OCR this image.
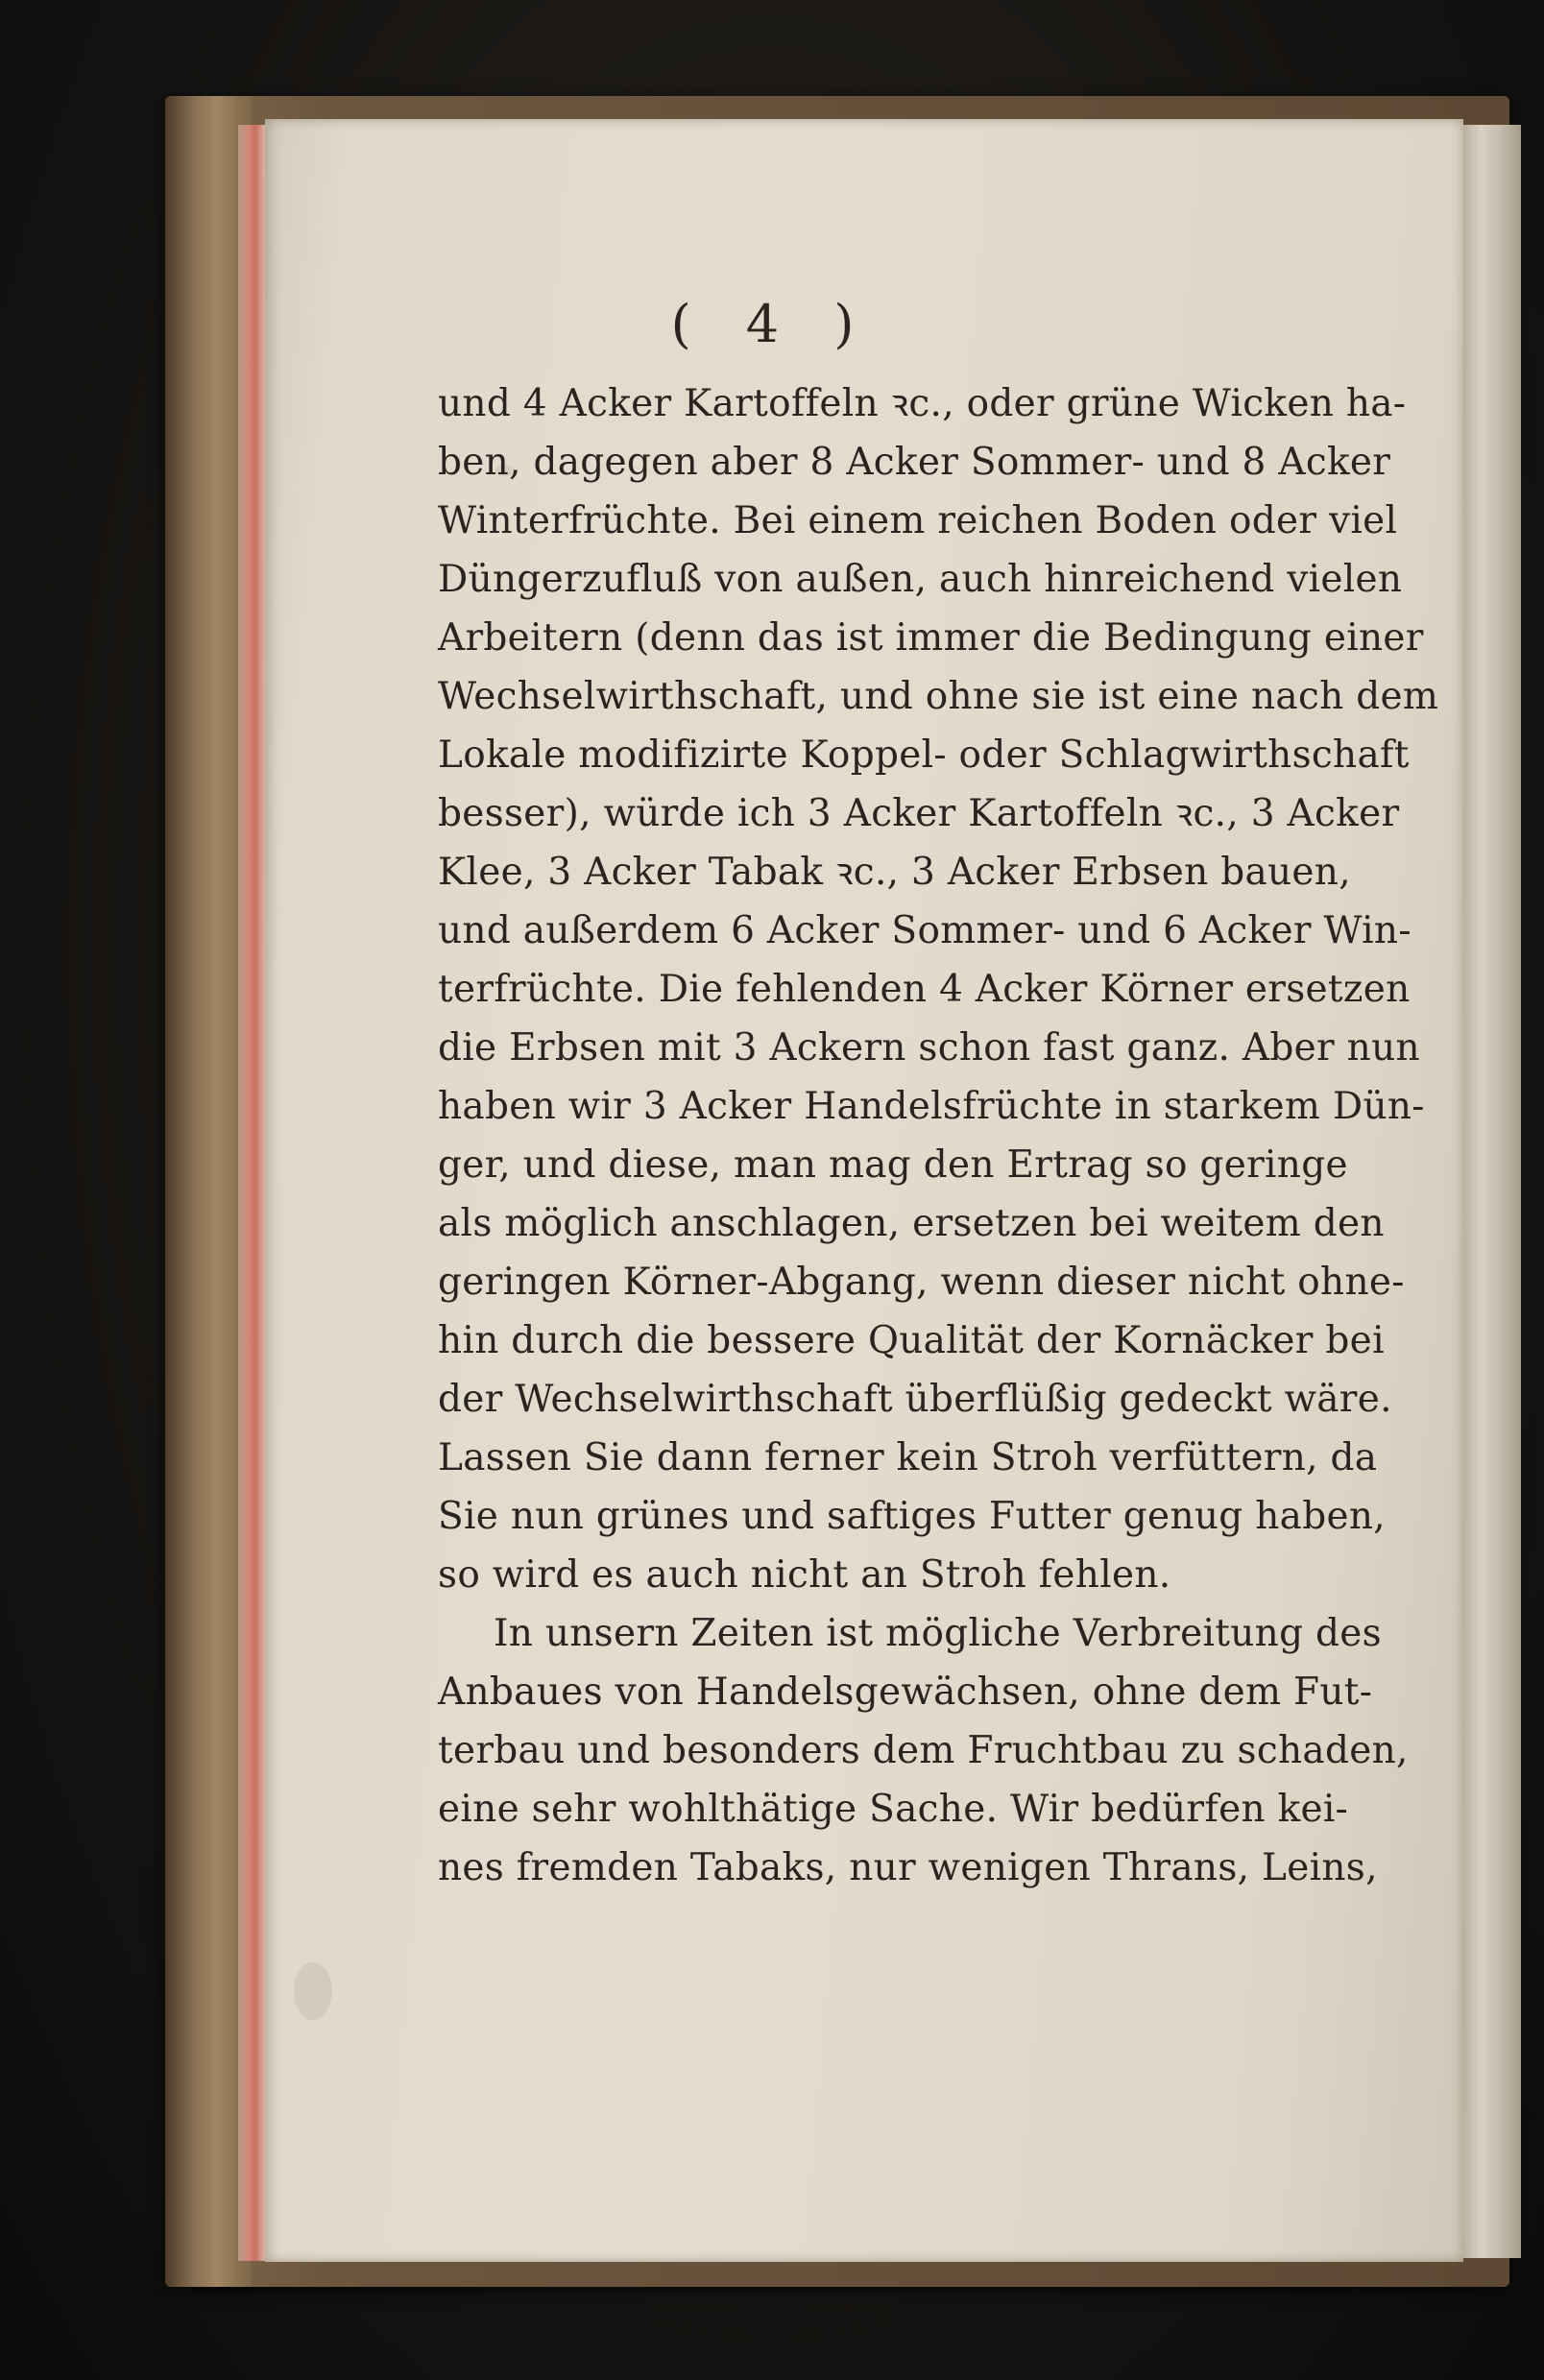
( 4 )
und 4 Acker Kartoffeln ꝛc., oder grüne Wicken ha-
ben, dagegen aber 8 Acker Sommer- und 8 Acker
Winterfrüchte. Bei einem reichen Boden oder viel
Düngerzufluß von außen, auch hinreichend vielen
Arbeitern (denn das ist immer die Bedingung einer
Wechselwirthschaft, und ohne sie ist eine nach dem
Lokale modifizirte Koppel- oder Schlagwirthschaft
besser), würde ich 3 Acker Kartoffeln ꝛc., 3 Acker
Klee, 3 Acker Tabak ꝛc., 3 Acker Erbsen bauen,
und außerdem 6 Acker Sommer- und 6 Acker Win-
terfrüchte. Die fehlenden 4 Acker Körner ersetzen
die Erbsen mit 3 Ackern schon fast ganz. Aber nun
haben wir 3 Acker Handelsfrüchte in starkem Dün-
ger, und diese, man mag den Ertrag so geringe
als möglich anschlagen, ersetzen bei weitem den
geringen Körner-Abgang, wenn dieser nicht ohne-
hin durch die bessere Qualität der Kornäcker bei
der Wechselwirthschaft überflüßig gedeckt wäre.
Lassen Sie dann ferner kein Stroh verfüttern, da
Sie nun grünes und saftiges Futter genug haben,
so wird es auch nicht an Stroh fehlen.
In unsern Zeiten ist mögliche Verbreitung des
Anbaues von Handelsgewächsen, ohne dem Fut-
terbau und besonders dem Fruchtbau zu schaden,
eine sehr wohlthätige Sache. Wir bedürfen kei-
nes fremden Tabaks, nur wenigen Thrans, Leins,
